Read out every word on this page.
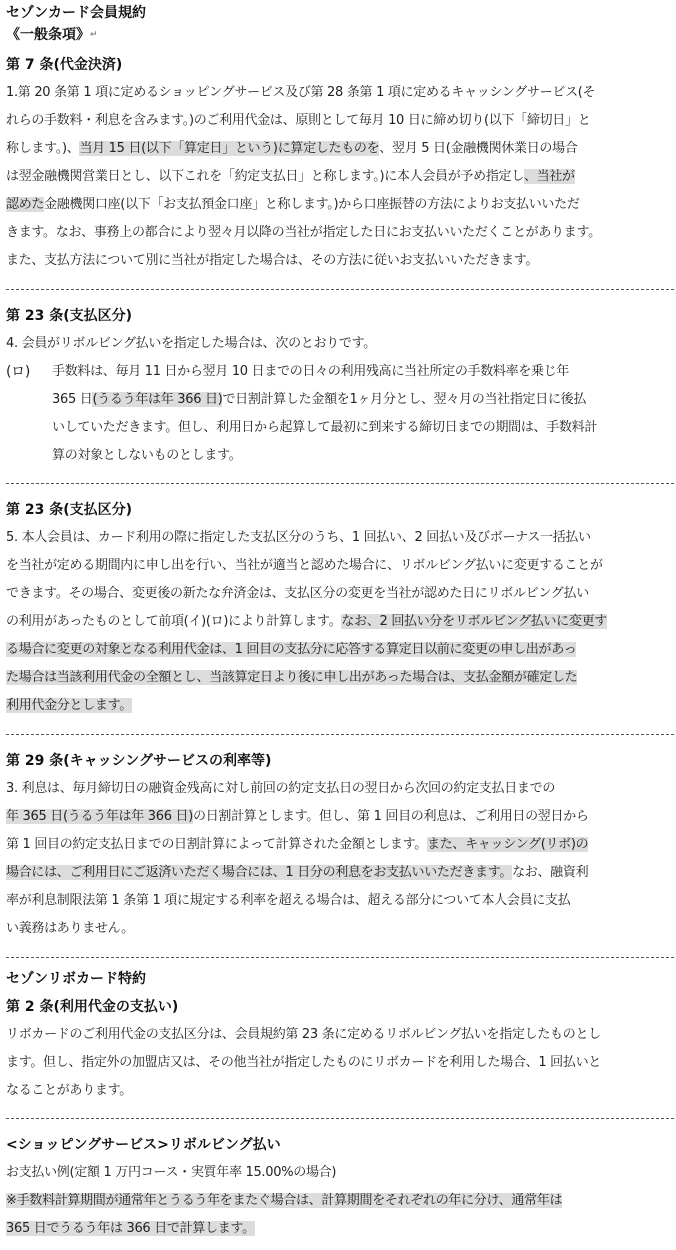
セゾンカード会員規約
《一般条項》↵
第 7 条(代金決済)
1.第 20 条第 1 項に定めるショッピングサービス及び第 28 条第 1 項に定めるキャッシングサービス(そ
れらの手数料・利息を含みます。)のご利用代金は、原則として毎月 10 日に締め切り(以下「締切日」と
称します。)、当月 15 日(以下「算定日」という)に算定したものを、翌月 5 日(金融機関休業日の場合
は翌金融機関営業日とし、以下これを「約定支払日」と称します。)に本人会員が予め指定し、当社が
認めた金融機関口座(以下「お支払預金口座」と称します。)から口座振替の方法によりお支払いいただ
きます。なお、事務上の都合により翌々月以降の当社が指定した日にお支払いいただくことがあります。
また、支払方法について別に当社が指定した場合は、その方法に従いお支払いいただきます。
第 23 条(支払区分)
4. 会員がリボルビング払いを指定した場合は、次のとおりです。
(ロ) 手数料は、毎月 11 日から翌月 10 日までの日々の利用残高に当社所定の手数料率を乗じ年
365 日(うるう年は年 366 日)で日割計算した金額を1ヶ月分とし、翌々月の当社指定日に後払
いしていただきます。但し、利用日から起算して最初に到来する締切日までの期間は、手数料計
算の対象としないものとします。
第 23 条(支払区分)
5. 本人会員は、カード利用の際に指定した支払区分のうち、1 回払い、2 回払い及びボーナス一括払い
を当社が定める期間内に申し出を行い、当社が適当と認めた場合に、リボルビング払いに変更することが
できます。その場合、変更後の新たな弁済金は、支払区分の変更を当社が認めた日にリボルビング払い
の利用があったものとして前項(イ)(ロ)により計算します。なお、2 回払い分をリボルビング払いに変更す
る場合に変更の対象となる利用代金は、1 回目の支払分に応答する算定日以前に変更の申し出があっ
た場合は当該利用代金の全額とし、当該算定日より後に申し出があった場合は、支払金額が確定した
利用代金分とします。
第 29 条(キャッシングサービスの利率等)
3. 利息は、毎月締切日の融資金残高に対し前回の約定支払日の翌日から次回の約定支払日までの
年 365 日(うるう年は年 366 日)の日割計算とします。但し、第 1 回目の利息は、ご利用日の翌日から
第 1 回目の約定支払日までの日割計算によって計算された金額とします。また、キャッシング(リボ)の
場合には、ご利用日にご返済いただく場合には、1 日分の利息をお支払いいただきます。なお、融資利
率が利息制限法第 1 条第 1 項に規定する利率を超える場合は、超える部分について本人会員に支払
い義務はありません。
セゾンリボカード特約
第 2 条(利用代金の支払い)
リボカードのご利用代金の支払区分は、会員規約第 23 条に定めるリボルビング払いを指定したものとし
ます。但し、指定外の加盟店又は、その他当社が指定したものにリボカードを利用した場合、1 回払いと
なることがあります。
<ショッピングサービス>リボルビング払い
お支払い例(定額 1 万円コース・実質年率 15.00%の場合)
※手数料計算期間が通常年とうるう年をまたぐ場合は、計算期間をそれぞれの年に分け、通常年は
365 日でうるう年は 366 日で計算します。
